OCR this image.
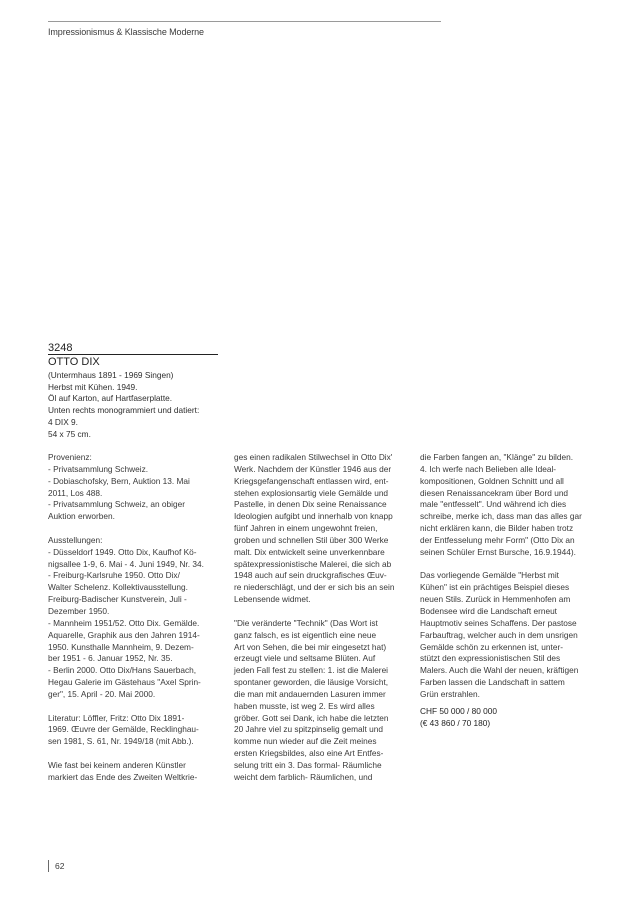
Impressionismus & Klassische Moderne
3248
OTTO DIX
(Untermhaus 1891 - 1969 Singen)
Herbst mit Kühen. 1949.
Öl auf Karton, auf Hartfaserplatte.
Unten rechts monogrammiert und datiert:
4 DIX 9.
54 x 75 cm.
Provenienz:
- Privatsammlung Schweiz.
- Dobiaschofsky, Bern, Auktion 13. Mai
2011, Los 488.
- Privatsammlung Schweiz, an obiger
Auktion erworben.
Ausstellungen:
- Düsseldorf 1949. Otto Dix, Kaufhof Kö-
nigsallee 1-9, 6. Mai - 4. Juni 1949, Nr. 34.
- Freiburg-Karlsruhe 1950. Otto Dix/
Walter Schelenz. Kollektivausstellung.
Freiburg-Badischer Kunstverein, Juli -
Dezember 1950.
- Mannheim 1951/52. Otto Dix. Gemälde.
Aquarelle, Graphik aus den Jahren 1914-
1950. Kunsthalle Mannheim, 9. Dezem-
ber 1951 - 6. Januar 1952, Nr. 35.
- Berlin 2000. Otto Dix/Hans Sauerbach,
Hegau Galerie im Gästehaus "Axel Sprin-
ger", 15. April - 20. Mai 2000.
Literatur: Löffler, Fritz: Otto Dix 1891-
1969. Œuvre der Gemälde, Recklinghau-
sen 1981, S. 61, Nr. 1949/18 (mit Abb.).
Wie fast bei keinem anderen Künstler
markiert das Ende des Zweiten Weltkrie-
ges einen radikalen Stilwechsel in Otto Dix'
Werk. Nachdem der Künstler 1946 aus der
Kriegsgefangenschaft entlassen wird, ent-
stehen explosionsartig viele Gemälde und
Pastelle, in denen Dix seine Renaissance
Ideologien aufgibt und innerhalb von knapp
fünf Jahren in einem ungewohnt freien,
groben und schnellen Stil über 300 Werke
malt. Dix entwickelt seine unverkennbare
spätexpressionistische Malerei, die sich ab
1948 auch auf sein druckgrafisches Œuv-
re niederschlägt, und der er sich bis an sein
Lebensende widmet.
"Die veränderte "Technik" (Das Wort ist
ganz falsch, es ist eigentlich eine neue
Art von Sehen, die bei mir eingesetzt hat)
erzeugt viele und seltsame Blüten. Auf
jeden Fall fest zu stellen: 1. ist die Malerei
spontaner geworden, die läusige Vorsicht,
die man mit andauernden Lasuren immer
haben musste, ist weg 2. Es wird alles
gröber. Gott sei Dank, ich habe die letzten
20 Jahre viel zu spitzpinselig gemalt und
komme nun wieder auf die Zeit meines
ersten Kriegsbildes, also eine Art Entfes-
selung tritt ein 3. Das formal- Räumliche
weicht dem farblich- Räumlichen, und
die Farben fangen an, "Klänge" zu bilden.
4. Ich werfe nach Belieben alle Ideal-
kompositionen, Goldnen Schnitt und all
diesen Renaissancekram über Bord und
male "entfesselt". Und während ich dies
schreibe, merke ich, dass man das alles gar
nicht erklären kann, die Bilder haben trotz
der Entfesselung mehr Form" (Otto Dix an
seinen Schüler Ernst Bursche, 16.9.1944).
Das vorliegende Gemälde "Herbst mit
Kühen" ist ein prächtiges Beispiel dieses
neuen Stils. Zurück in Hemmenhofen am
Bodensee wird die Landschaft erneut
Hauptmotiv seines Schaffens. Der pastose
Farbauftrag, welcher auch in dem unsrigen
Gemälde schön zu erkennen ist, unter-
stützt den expressionistischen Stil des
Malers. Auch die Wahl der neuen, kräftigen
Farben lassen die Landschaft in sattem
Grün erstrahlen.
CHF 50 000 / 80 000
(€ 43 860 / 70 180)
62
